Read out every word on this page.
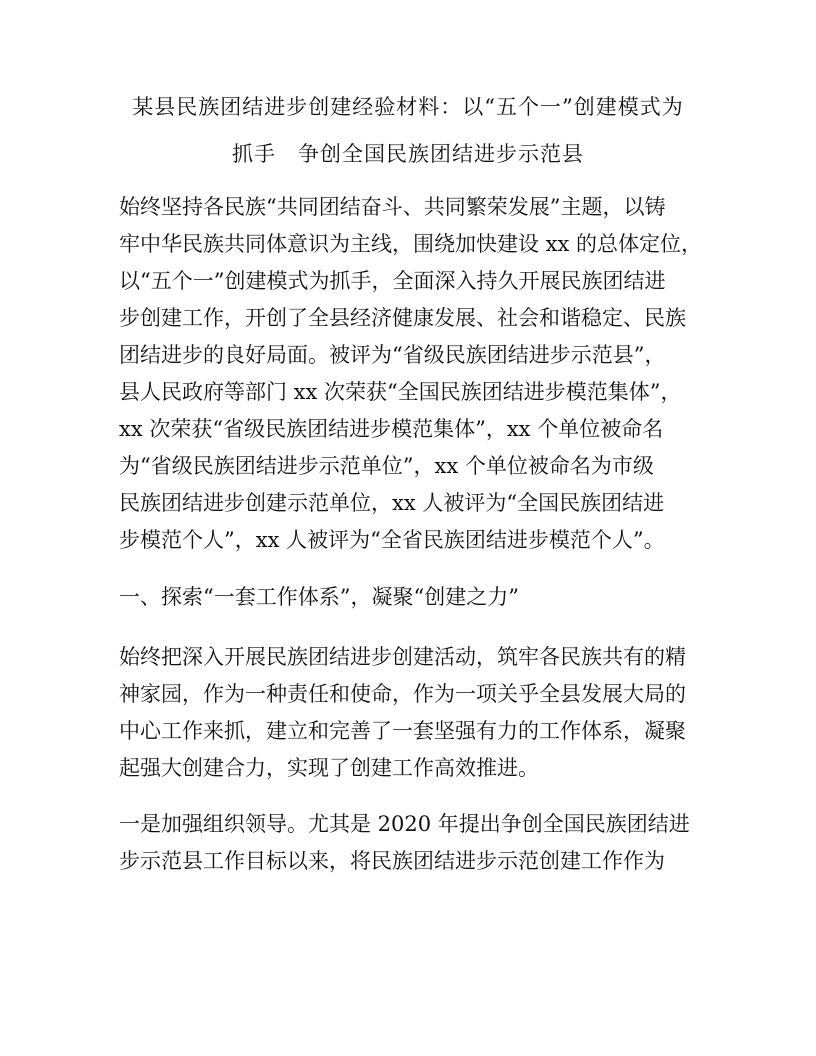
某县民族团结进步创建经验材料：以“五个一”创建模式为
抓手　争创全国民族团结进步示范县
始终坚持各民族“共同团结奋斗、共同繁荣发展”主题，以铸
牢中华民族共同体意识为主线，围绕加快建设 xx 的总体定位，
以“五个一”创建模式为抓手，全面深入持久开展民族团结进
步创建工作，开创了全县经济健康发展、社会和谐稳定、民族
团结进步的良好局面。被评为“省级民族团结进步示范县”，
县人民政府等部门 xx 次荣获“全国民族团结进步模范集体”，
xx 次荣获“省级民族团结进步模范集体”，xx 个单位被命名
为“省级民族团结进步示范单位”，xx 个单位被命名为市级
民族团结进步创建示范单位，xx 人被评为“全国民族团结进
步模范个人”，xx 人被评为“全省民族团结进步模范个人”。
一、探索“一套工作体系”，凝聚“创建之力”
始终把深入开展民族团结进步创建活动，筑牢各民族共有的精
神家园，作为一种责任和使命，作为一项关乎全县发展大局的
中心工作来抓，建立和完善了一套坚强有力的工作体系，凝聚
起强大创建合力，实现了创建工作高效推进。
一是加强组织领导。尤其是 2020 年提出争创全国民族团结进
步示范县工作目标以来，将民族团结进步示范创建工作作为
